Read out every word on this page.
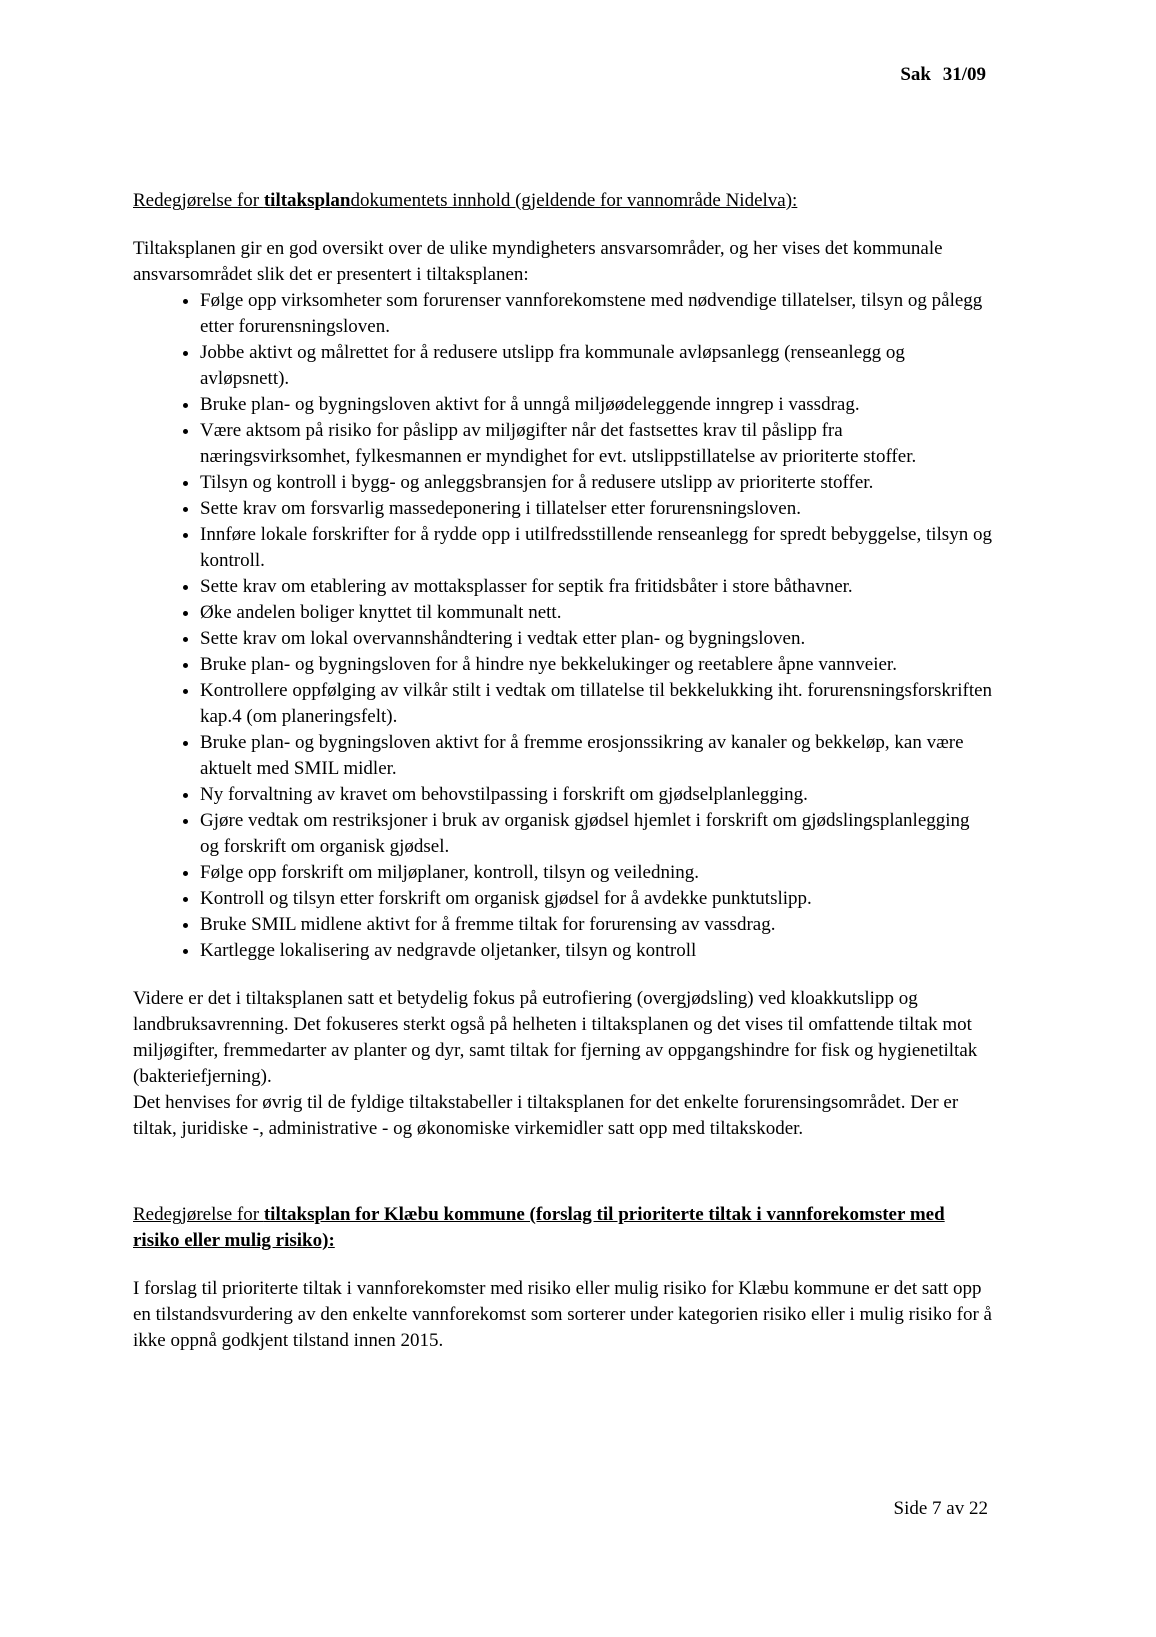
Sak 31/09

Redegjørelse for tiltaksplandokumentets innhold (gjeldende for vannområde Nidelva):

Tiltaksplanen gir en god oversikt over de ulike myndigheters ansvarsområder, og her vises det kommunale ansvarsområdet slik det er presentert i tiltaksplanen:

• Følge opp virksomheter som forurenser vannforekomstene med nødvendige tillatelser, tilsyn og pålegg etter forurensningsloven.
• Jobbe aktivt og målrettet for å redusere utslipp fra kommunale avløpsanlegg (renseanlegg og avløpsnett).
• Bruke plan- og bygningsloven aktivt for å unngå miljøødeleggende inngrep i vassdrag.
• Være aktsom på risiko for påslipp av miljøgifter når det fastsettes krav til påslipp fra næringsvirksomhet, fylkesmannen er myndighet for evt. utslippstillatelse av prioriterte stoffer.
• Tilsyn og kontroll i bygg- og anleggsbransjen for å redusere utslipp av prioriterte stoffer.
• Sette krav om forsvarlig massedeponering i tillatelser etter forurensningsloven.
• Innføre lokale forskrifter for å rydde opp i utilfredsstillende renseanlegg for spredt bebyggelse, tilsyn og kontroll.
• Sette krav om etablering av mottaksplasser for septik fra fritidsbåter i store båthavner.
• Øke andelen boliger knyttet til kommunalt nett.
• Sette krav om lokal overvannshåndtering i vedtak etter plan- og bygningsloven.
• Bruke plan- og bygningsloven for å hindre nye bekkelukinger og reetablere åpne vannveier.
• Kontrollere oppfølging av vilkår stilt i vedtak om tillatelse til bekkelukking iht. forurensningsforskriften kap.4 (om planeringsfelt).
• Bruke plan- og bygningsloven aktivt for å fremme erosjonssikring av kanaler og bekkeløp, kan være aktuelt med SMIL midler.
• Ny forvaltning av kravet om behovstilpassing i forskrift om gjødselplanlegging.
• Gjøre vedtak om restriksjoner i bruk av organisk gjødsel hjemlet i forskrift om gjødslingsplanlegging og forskrift om organisk gjødsel.
• Følge opp forskrift om miljøplaner, kontroll, tilsyn og veiledning.
• Kontroll og tilsyn etter forskrift om organisk gjødsel for å avdekke punktutslipp.
• Bruke SMIL midlene aktivt for å fremme tiltak for forurensing av vassdrag.
• Kartlegge lokalisering av nedgravde oljetanker, tilsyn og kontroll

Videre er det i tiltaksplanen satt et betydelig fokus på eutrofiering (overgjødsling) ved kloakkutslipp og landbruksavrenning. Det fokuseres sterkt også på helheten i tiltaksplanen og det vises til omfattende tiltak mot miljøgifter, fremmedarter av planter og dyr, samt tiltak for fjerning av oppgangshindre for fisk og hygienetiltak (bakteriefjerning).

Det henvises for øvrig til de fyldige tiltakstabeller i tiltaksplanen for det enkelte forurensingsområdet. Der er tiltak, juridiske -, administrative - og økonomiske virkemidler satt opp med tiltakskoder.

Redegjørelse for tiltaksplan for Klæbu kommune (forslag til prioriterte tiltak i vannforekomster med risiko eller mulig risiko):

I forslag til prioriterte tiltak i vannforekomster med risiko eller mulig risiko for Klæbu kommune er det satt opp en tilstandsvurdering av den enkelte vannforekomst som sorterer under kategorien risiko eller i mulig risiko for å ikke oppnå godkjent tilstand innen 2015.

Side 7 av 22
